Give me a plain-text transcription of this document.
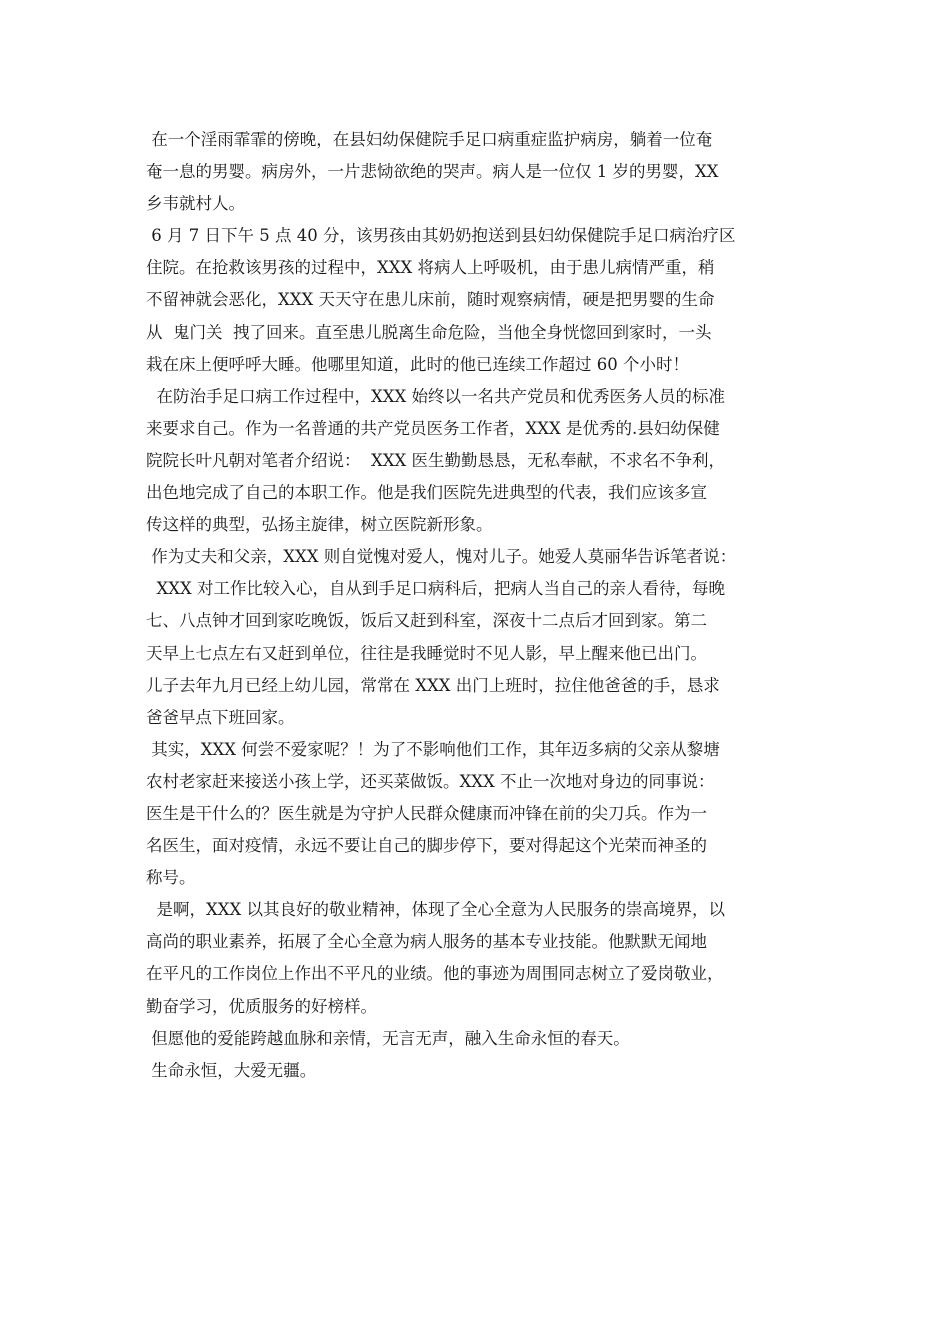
在一个淫雨霏霏的傍晚，在县妇幼保健院手足口病重症监护病房，躺着一位奄
奄一息的男婴。病房外，一片悲恸欲绝的哭声。病人是一位仅 1 岁的男婴，XX
乡韦就村人。
6 月 7 日下午 5 点 40 分，该男孩由其奶奶抱送到县妇幼保健院手足口病治疗区
住院。在抢救该男孩的过程中，XXX 将病人上呼吸机，由于患儿病情严重，稍
不留神就会恶化，XXX 天天守在患儿床前，随时观察病情，硬是把男婴的生命
从  鬼门关  拽了回来。直至患儿脱离生命危险，当他全身恍惚回到家时，一头
栽在床上便呼呼大睡。他哪里知道，此时的他已连续工作超过 60 个小时！
在防治手足口病工作过程中，XXX 始终以一名共产党员和优秀医务人员的标准
来要求自己。作为一名普通的共产党员医务工作者，XXX 是优秀的.县妇幼保健
院院长叶凡朝对笔者介绍说：  XXX 医生勤勤恳恳，无私奉献，不求名不争利，
出色地完成了自己的本职工作。他是我们医院先进典型的代表，我们应该多宣
传这样的典型，弘扬主旋律，树立医院新形象。
作为丈夫和父亲，XXX 则自觉愧对爱人，愧对儿子。她爱人莫丽华告诉笔者说：
XXX 对工作比较入心，自从到手足口病科后，把病人当自己的亲人看待，每晚
七、八点钟才回到家吃晚饭，饭后又赶到科室，深夜十二点后才回到家。第二
天早上七点左右又赶到单位，往往是我睡觉时不见人影，早上醒来他已出门。
儿子去年九月已经上幼儿园，常常在 XXX 出门上班时，拉住他爸爸的手，恳求
爸爸早点下班回家。
其实，XXX 何尝不爱家呢？！为了不影响他们工作，其年迈多病的父亲从黎塘
农村老家赶来接送小孩上学，还买菜做饭。XXX 不止一次地对身边的同事说：
医生是干什么的？医生就是为守护人民群众健康而冲锋在前的尖刀兵。作为一
名医生，面对疫情，永远不要让自己的脚步停下，要对得起这个光荣而神圣的
称号。
是啊，XXX 以其良好的敬业精神，体现了全心全意为人民服务的崇高境界，以
高尚的职业素养，拓展了全心全意为病人服务的基本专业技能。他默默无闻地
在平凡的工作岗位上作出不平凡的业绩。他的事迹为周围同志树立了爱岗敬业，
勤奋学习，优质服务的好榜样。
但愿他的爱能跨越血脉和亲情，无言无声，融入生命永恒的春天。
生命永恒，大爱无疆。
